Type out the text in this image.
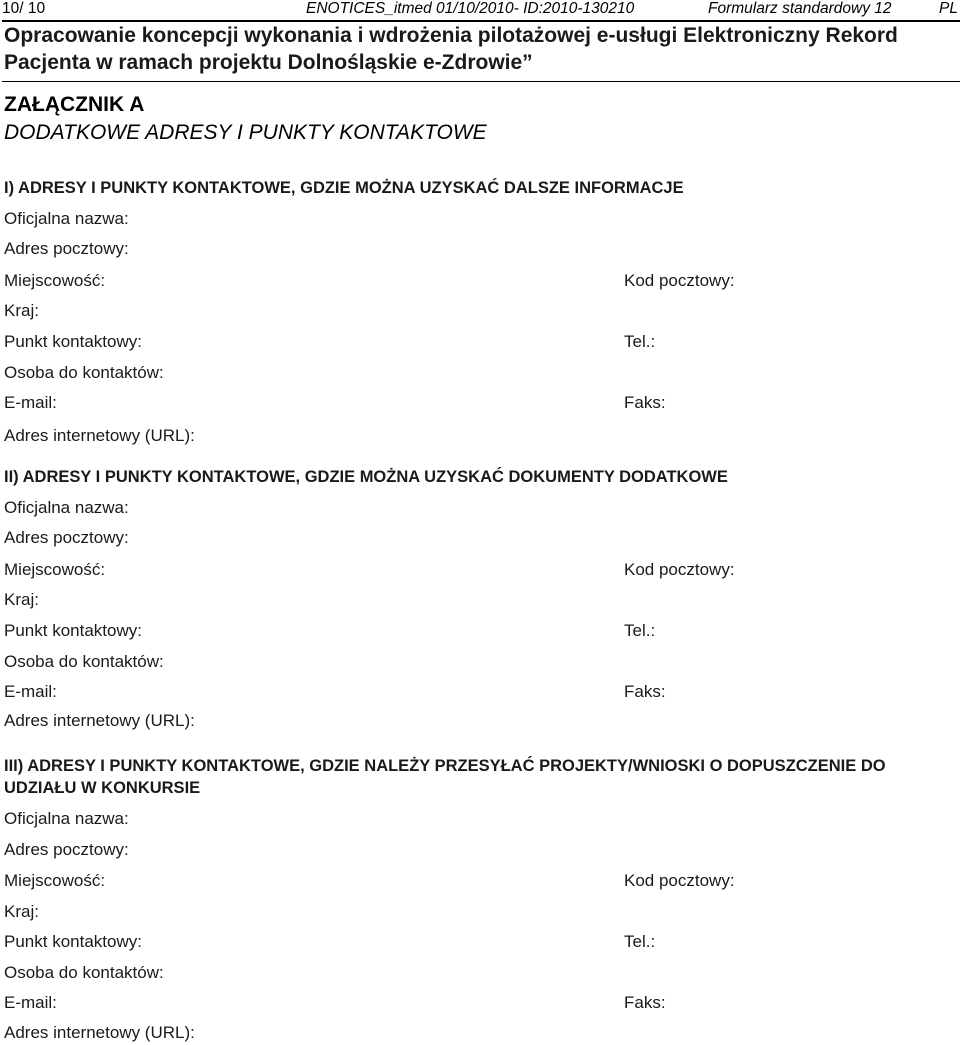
10/ 10	ENOTICES_itmed 01/10/2010- ID:2010-130210	Formularz standardowy 12	PL
Opracowanie koncepcji wykonania i wdrożenia pilotażowej e-usługi Elektroniczny Rekord Pacjenta w ramach projektu Dolnośląskie e-Zdrowie”
ZAŁĄCZNIK A
DODATKOWE ADRESY I PUNKTY KONTAKTOWE
I) ADRESY I PUNKTY KONTAKTOWE, GDZIE MOŻNA UZYSKAĆ DALSZE INFORMACJE
Oficjalna nazwa:
Adres pocztowy:
Miejscowość:	Kod pocztowy:
Kraj:
Punkt kontaktowy:	Tel.:
Osoba do kontaktów:
E-mail:	Faks:
Adres internetowy (URL):
II) ADRESY I PUNKTY KONTAKTOWE, GDZIE MOŻNA UZYSKAĆ DOKUMENTY DODATKOWE
Oficjalna nazwa:
Adres pocztowy:
Miejscowość:	Kod pocztowy:
Kraj:
Punkt kontaktowy:	Tel.:
Osoba do kontaktów:
E-mail:	Faks:
Adres internetowy (URL):
III) ADRESY I PUNKTY KONTAKTOWE, GDZIE NALEŻY PRZESYŁAĆ PROJEKTY/WNIOSKI O DOPUSZCZENIE DO UDZIAŁU W KONKURSIE
Oficjalna nazwa:
Adres pocztowy:
Miejscowość:	Kod pocztowy:
Kraj:
Punkt kontaktowy:	Tel.:
Osoba do kontaktów:
E-mail:	Faks:
Adres internetowy (URL):
